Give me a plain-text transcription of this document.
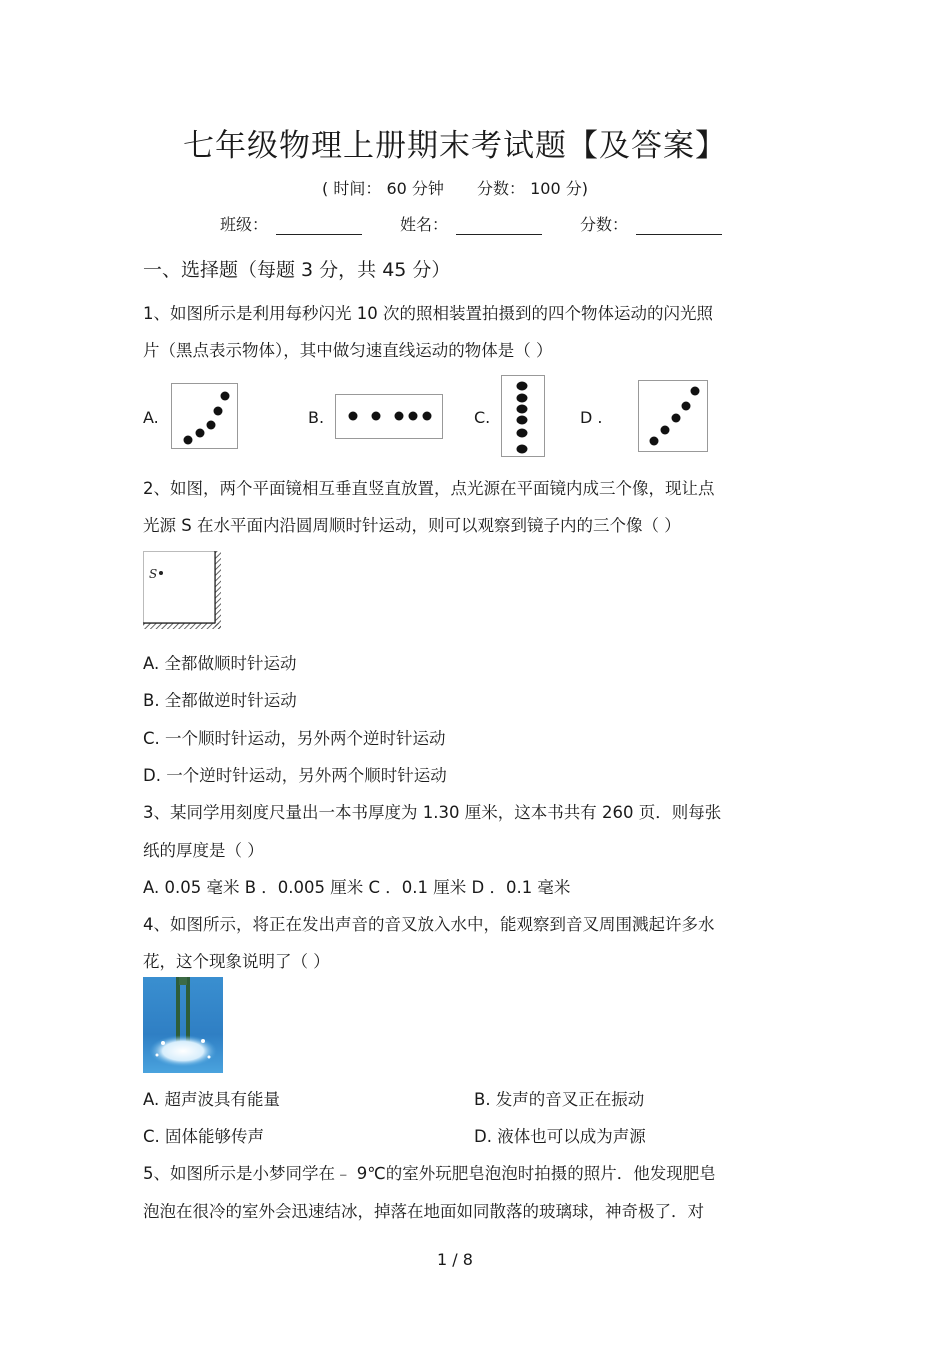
七年级物理上册期末考试题【及答案】
( 时间： 60 分钟 分数： 100 分)
班级：	姓名：	分数：
一、选择题（每题 3 分，共 45 分）
1、如图所示是利用每秒闪光 10 次的照相装置拍摄到的四个物体运动的闪光照
片（黑点表示物体），其中做匀速直线运动的物体是（ ）
A.	B.	C.	D .
2、如图，两个平面镜相互垂直竖直放置，点光源在平面镜内成三个像，现让点
光源 S 在水平面内沿圆周顺时针运动，则可以观察到镜子内的三个像（ ）
S
A. 全都做顺时针运动
B. 全都做逆时针运动
C. 一个顺时针运动，另外两个逆时针运动
D. 一个逆时针运动，另外两个顺时针运动
3、某同学用刻度尺量出一本书厚度为 1.30 厘米，这本书共有 260 页．则每张
纸的厚度是（ ）
A. 0.05 毫米 B ．0.005 厘米 C ．0.1 厘米 D ．0.1 毫米
4、如图所示，将正在发出声音的音叉放入水中，能观察到音叉周围溅起许多水
花，这个现象说明了（ ）
A. 超声波具有能量	B. 发声的音叉正在振动
C. 固体能够传声	D. 液体也可以成为声源
5、如图所示是小梦同学在﹣ 9℃的室外玩肥皂泡泡时拍摄的照片．他发现肥皂
泡泡在很冷的室外会迅速结冰，掉落在地面如同散落的玻璃球，神奇极了．对
1 / 8
